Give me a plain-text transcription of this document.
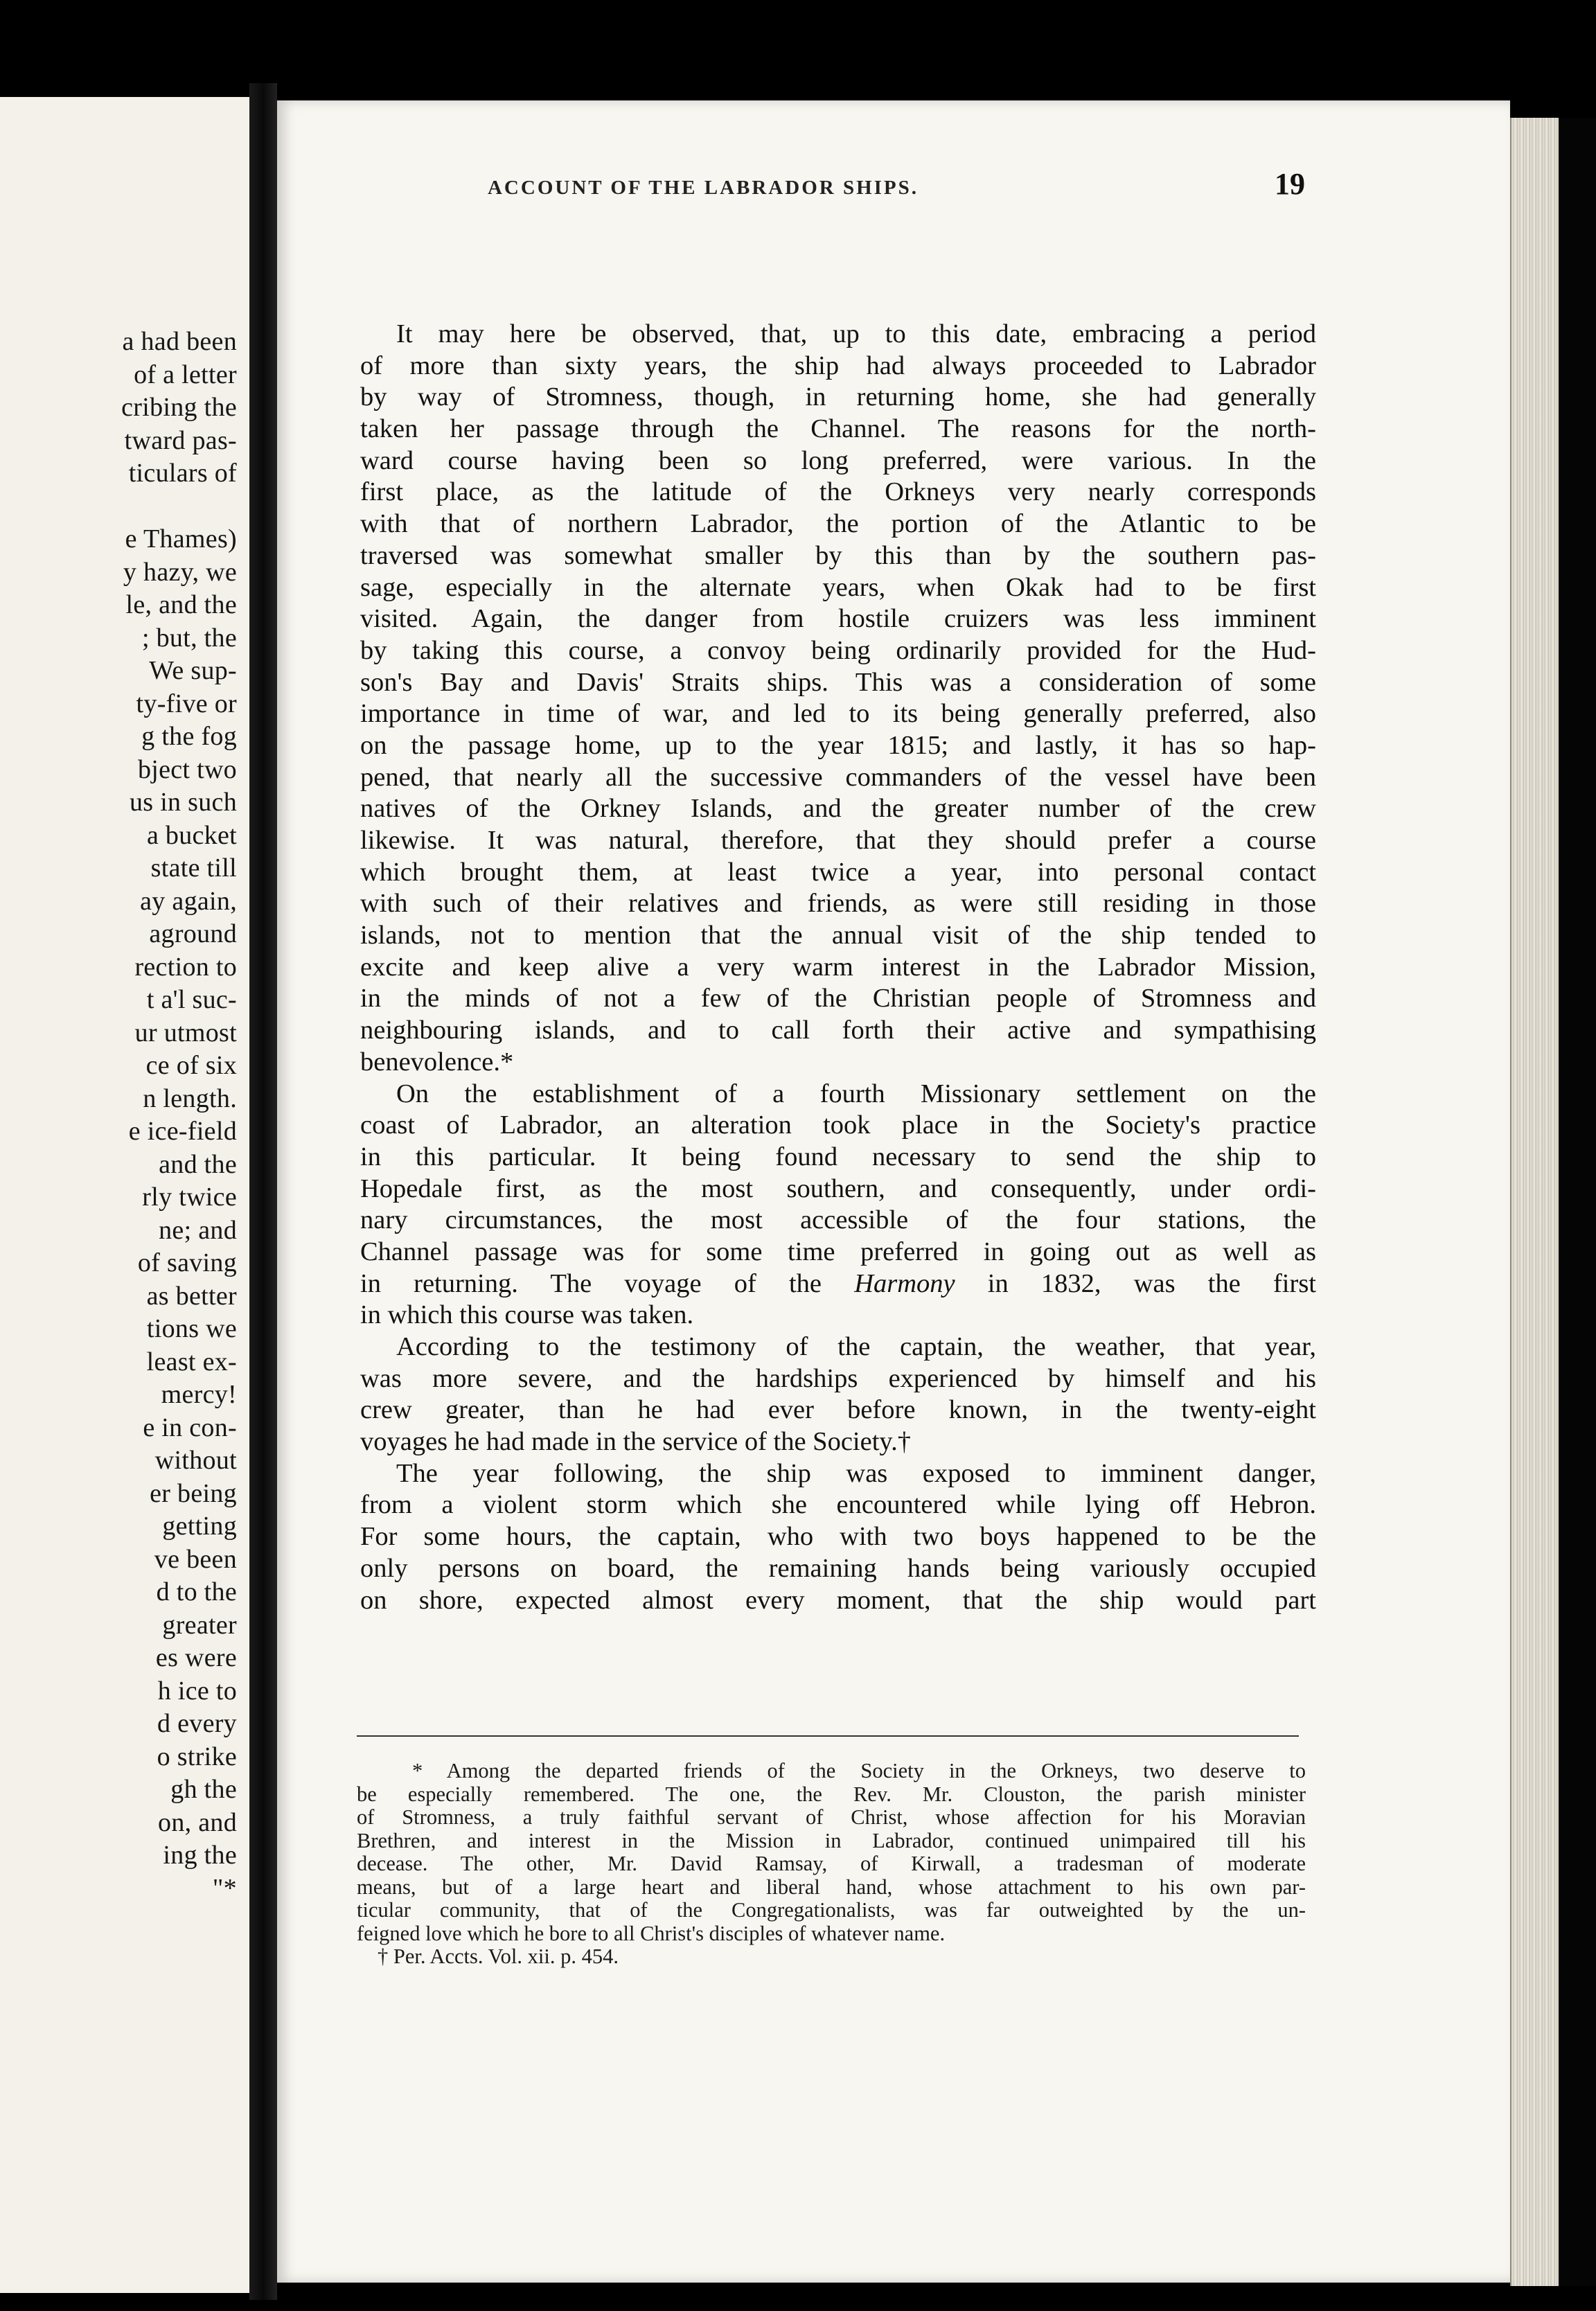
a had been
of a letter
cribing the
tward pas-
ticulars of
e Thames)
y hazy, we
le, and the
; but, the
We sup-
ty-five or
g the fog
bject two
us in such
a bucket
state till
ay again,
aground
rection to
t a'l suc-
ur utmost
ce of six
n length.
e ice-field
and the
rly twice
ne; and
of saving
as better
tions we
least ex-
mercy!
e in con-
without
er being
getting
ve been
d to the
greater
es were
h ice to
d every
o strike
gh the
on, and
ing the
"*
ACCOUNT OF THE LABRADOR SHIPS.	19
It may here be observed, that, up to this date, embracing a period
of more than sixty years, the ship had always proceeded to Labrador
by way of Stromness, though, in returning home, she had generally
taken her passage through the Channel. The reasons for the north-
ward course having been so long preferred, were various. In the
first place, as the latitude of the Orkneys very nearly corresponds
with that of northern Labrador, the portion of the Atlantic to be
traversed was somewhat smaller by this than by the southern pas-
sage, especially in the alternate years, when Okak had to be first
visited. Again, the danger from hostile cruizers was less imminent
by taking this course, a convoy being ordinarily provided for the Hud-
son's Bay and Davis' Straits ships. This was a consideration of some
importance in time of war, and led to its being generally preferred, also
on the passage home, up to the year 1815; and lastly, it has so hap-
pened, that nearly all the successive commanders of the vessel have been
natives of the Orkney Islands, and the greater number of the crew
likewise. It was natural, therefore, that they should prefer a course
which brought them, at least twice a year, into personal contact
with such of their relatives and friends, as were still residing in those
islands, not to mention that the annual visit of the ship tended to
excite and keep alive a very warm interest in the Labrador Mission,
in the minds of not a few of the Christian people of Stromness and
neighbouring islands, and to call forth their active and sympathising
benevolence.*
On the establishment of a fourth Missionary settlement on the
coast of Labrador, an alteration took place in the Society's practice
in this particular. It being found necessary to send the ship to
Hopedale first, as the most southern, and consequently, under ordi-
nary circumstances, the most accessible of the four stations, the
Channel passage was for some time preferred in going out as well as
in returning. The voyage of the Harmony in 1832, was the first
in which this course was taken.
According to the testimony of the captain, the weather, that year,
was more severe, and the hardships experienced by himself and his
crew greater, than he had ever before known, in the twenty-eight
voyages he had made in the service of the Society.†
The year following, the ship was exposed to imminent danger,
from a violent storm which she encountered while lying off Hebron.
For some hours, the captain, who with two boys happened to be the
only persons on board, the remaining hands being variously occupied
on shore, expected almost every moment, that the ship would part
* Among the departed friends of the Society in the Orkneys, two deserve to
be especially remembered. The one, the Rev. Mr. Clouston, the parish minister
of Stromness, a truly faithful servant of Christ, whose affection for his Moravian
Brethren, and interest in the Mission in Labrador, continued unimpaired till his
decease. The other, Mr. David Ramsay, of Kirwall, a tradesman of moderate
means, but of a large heart and liberal hand, whose attachment to his own par-
ticular community, that of the Congregationalists, was far outweighted by the un-
feigned love which he bore to all Christ's disciples of whatever name.
† Per. Accts. Vol. xii. p. 454.
